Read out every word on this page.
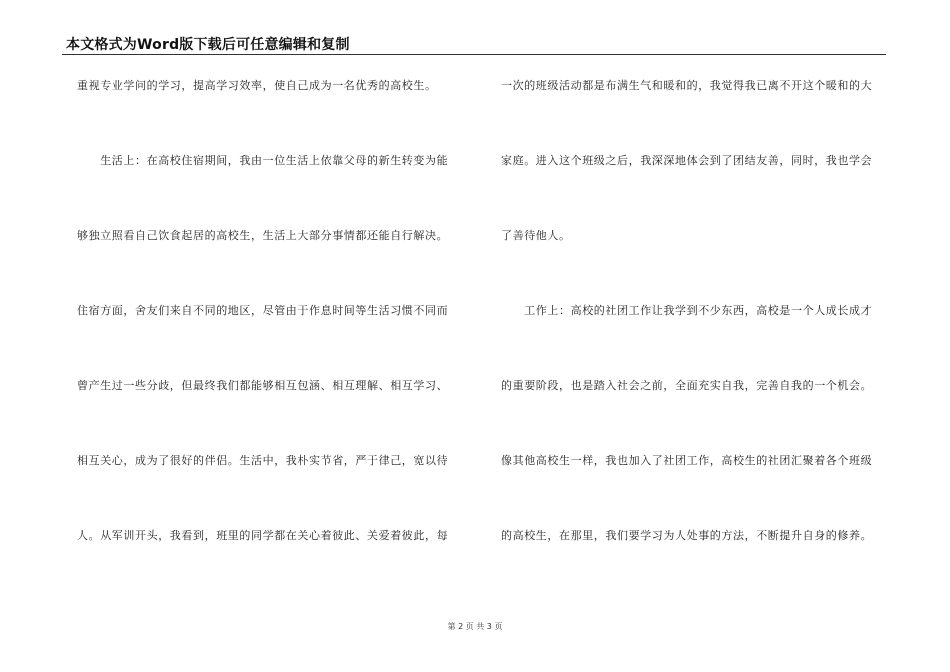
本文格式为Word版下载后可任意编辑和复制
重视专业学问的学习，提高学习效率，使自己成为一名优秀的高校生。
　　生活上：在高校住宿期间，我由一位生活上依靠父母的新生转变为能
够独立照看自己饮食起居的高校生，生活上大部分事情都还能自行解决。
住宿方面，舍友们来自不同的地区，尽管由于作息时间等生活习惯不同而
曾产生过一些分歧，但最终我们都能够相互包涵、相互理解、相互学习、
相互关心，成为了很好的伴侣。生活中，我朴实节省，严于律己，宽以待
人。从军训开头，我看到，班里的同学都在关心着彼此、关爱着彼此，每
一次的班级活动都是布满生气和暖和的，我觉得我已离不开这个暖和的大
家庭。进入这个班级之后，我深深地体会到了团结友善，同时，我也学会
了善待他人。
　　工作上：高校的社团工作让我学到不少东西，高校是一个人成长成才
的重要阶段，也是踏入社会之前，全面充实自我，完善自我的一个机会。
像其他高校生一样，我也加入了社团工作，高校生的社团汇聚着各个班级
的高校生，在那里，我们要学习为人处事的方法，不断提升自身的修养。
第 2 页 共 3 页
